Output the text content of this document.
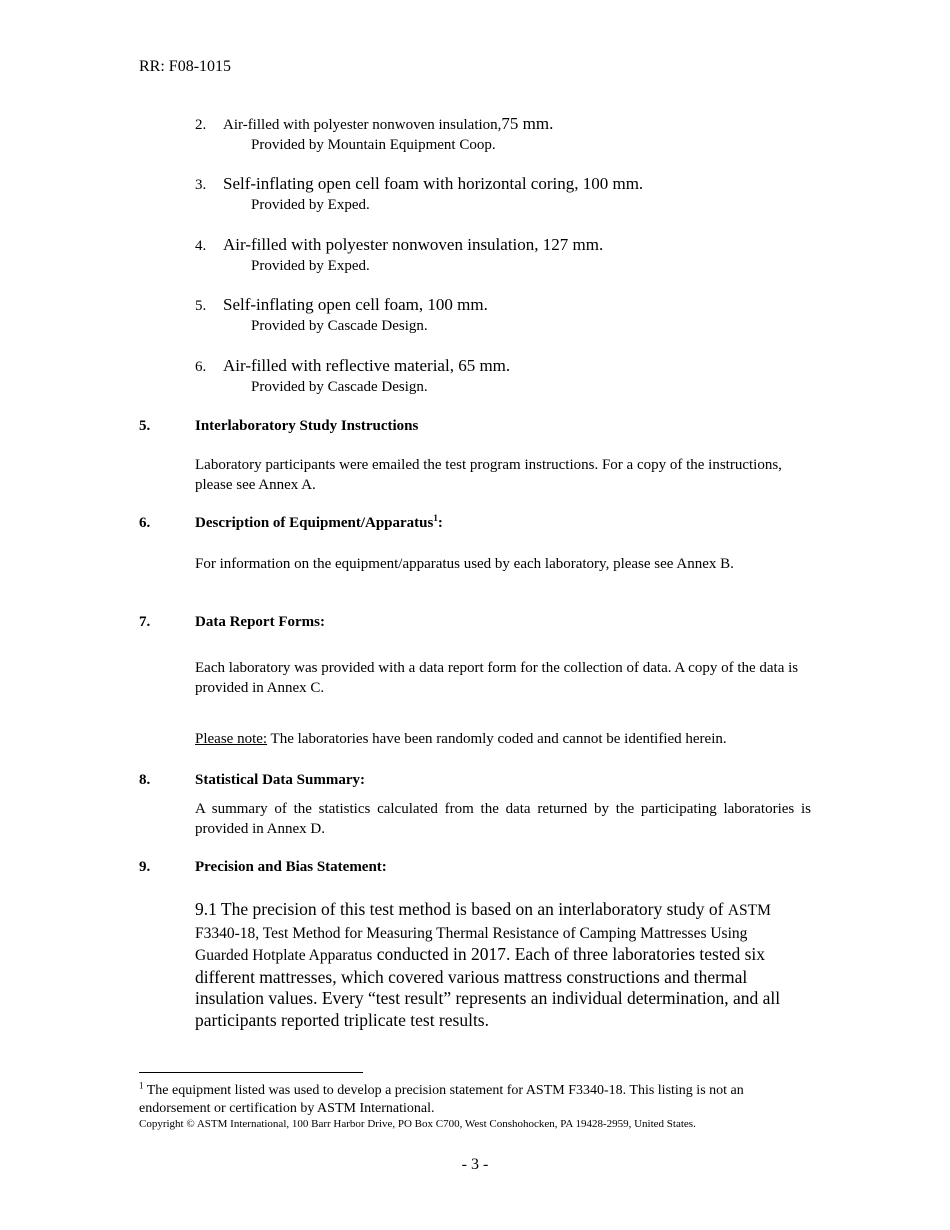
RR: F08-1015
2. Air-filled with polyester nonwoven insulation,75 mm.
Provided by Mountain Equipment Coop.
3. Self-inflating open cell foam with horizontal coring, 100 mm.
Provided by Exped.
4. Air-filled with polyester nonwoven insulation, 127 mm.
Provided by Exped.
5. Self-inflating open cell foam, 100 mm.
Provided by Cascade Design.
6. Air-filled with reflective material, 65 mm.
Provided by Cascade Design.
5.	Interlaboratory Study Instructions
Laboratory participants were emailed the test program instructions. For a copy of the instructions, please see Annex A.
6.	Description of Equipment/Apparatus$^1$:
For information on the equipment/apparatus used by each laboratory, please see Annex B.
7.	Data Report Forms:
Each laboratory was provided with a data report form for the collection of data. A copy of the data is provided in Annex C.
Please note: The laboratories have been randomly coded and cannot be identified herein.
8.	Statistical Data Summary:
A summary of the statistics calculated from the data returned by the participating laboratories is provided in Annex D.
9.	Precision and Bias Statement:
9.1 The precision of this test method is based on an interlaboratory study of ASTM F3340-18, Test Method for Measuring Thermal Resistance of Camping Mattresses Using Guarded Hotplate Apparatus conducted in 2017. Each of three laboratories tested six different mattresses, which covered various mattress constructions and thermal insulation values. Every “test result” represents an individual determination, and all participants reported triplicate test results.
$^1$ The equipment listed was used to develop a precision statement for ASTM F3340-18. This listing is not an endorsement or certification by ASTM International.
Copyright © ASTM International, 100 Barr Harbor Drive, PO Box C700, West Conshohocken, PA 19428-2959, United States.
- 3 -
